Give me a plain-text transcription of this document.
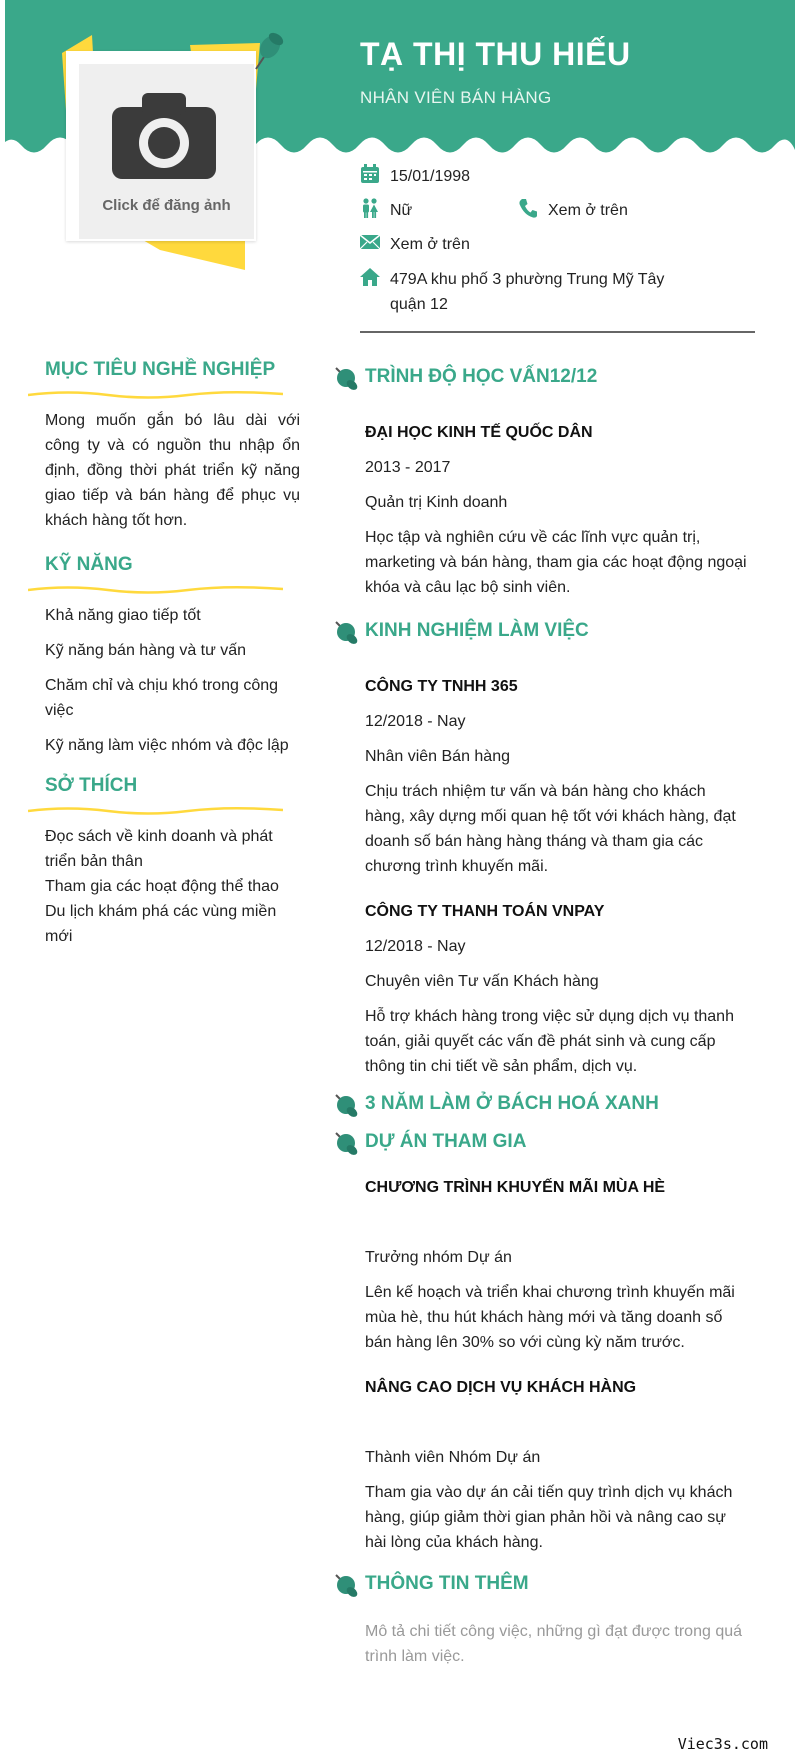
TẠ THỊ THU HIẾU
NHÂN VIÊN BÁN HÀNG
Click để đăng ảnh
15/01/1998
Nữ	Xem ở trên
Xem ở trên
479A khu phố 3 phường Trung Mỹ Tây quận 12
MỤC TIÊU NGHỀ NGHIỆP
Mong muốn gắn bó lâu dài với công ty và có nguồn thu nhập ổn định, đồng thời phát triển kỹ năng giao tiếp và bán hàng để phục vụ khách hàng tốt hơn.
KỸ NĂNG
Khả năng giao tiếp tốt
Kỹ năng bán hàng và tư vấn
Chăm chỉ và chịu khó trong công việc
Kỹ năng làm việc nhóm và độc lập
SỞ THÍCH
Đọc sách về kinh doanh và phát triển bản thân
Tham gia các hoạt động thể thao
Du lịch khám phá các vùng miền mới
TRÌNH ĐỘ HỌC VẤN12/12
ĐẠI HỌC KINH TẾ QUỐC DÂN
2013 - 2017
Quản trị Kinh doanh
Học tập và nghiên cứu về các lĩnh vực quản trị, marketing và bán hàng, tham gia các hoạt động ngoại khóa và câu lạc bộ sinh viên.
KINH NGHIỆM LÀM VIỆC
CÔNG TY TNHH 365
12/2018 - Nay
Nhân viên Bán hàng
Chịu trách nhiệm tư vấn và bán hàng cho khách hàng, xây dựng mối quan hệ tốt với khách hàng, đạt doanh số bán hàng hàng tháng và tham gia các chương trình khuyến mãi.
CÔNG TY THANH TOÁN VNPAY
12/2018 - Nay
Chuyên viên Tư vấn Khách hàng
Hỗ trợ khách hàng trong việc sử dụng dịch vụ thanh toán, giải quyết các vấn đề phát sinh và cung cấp thông tin chi tiết về sản phẩm, dịch vụ.
3 NĂM LÀM Ở BÁCH HOÁ XANH
DỰ ÁN THAM GIA
CHƯƠNG TRÌNH KHUYẾN MÃI MÙA HÈ
Trưởng nhóm Dự án
Lên kế hoạch và triển khai chương trình khuyến mãi mùa hè, thu hút khách hàng mới và tăng doanh số bán hàng lên 30% so với cùng kỳ năm trước.
NÂNG CAO DỊCH VỤ KHÁCH HÀNG
Thành viên Nhóm Dự án
Tham gia vào dự án cải tiến quy trình dịch vụ khách hàng, giúp giảm thời gian phản hồi và nâng cao sự hài lòng của khách hàng.
THÔNG TIN THÊM
Mô tả chi tiết công việc, những gì đạt được trong quá trình làm việc.
Viec3s.com
